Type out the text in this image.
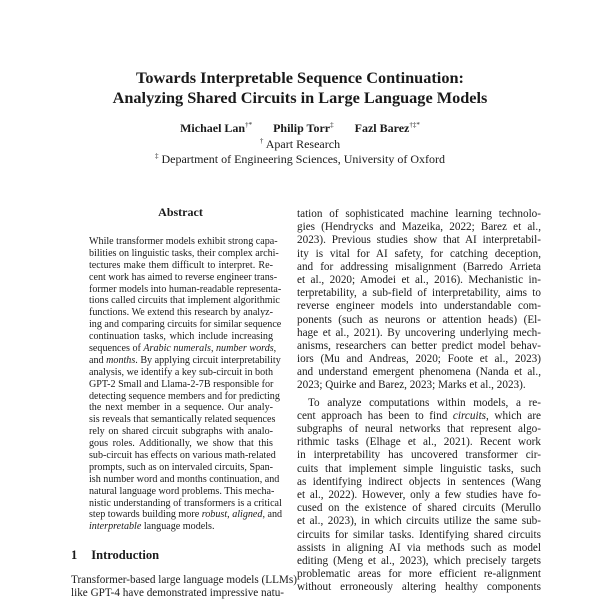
Towards Interpretable Sequence Continuation:
Analyzing Shared Circuits in Large Language Models
Michael Lan†* Philip Torr‡ Fazl Barez†‡*
† Apart Research
‡ Department of Engineering Sciences, University of Oxford
Abstract
While transformer models exhibit strong capa-
bilities on linguistic tasks, their complex archi-
tectures make them difficult to interpret. Re-
cent work has aimed to reverse engineer trans-
former models into human-readable representa-
tions called circuits that implement algorithmic
functions. We extend this research by analyz-
ing and comparing circuits for similar sequence
continuation tasks, which include increasing
sequences of Arabic numerals, number words,
and months. By applying circuit interpretability
analysis, we identify a key sub-circuit in both
GPT-2 Small and Llama-2-7B responsible for
detecting sequence members and for predicting
the next member in a sequence. Our analy-
sis reveals that semantically related sequences
rely on shared circuit subgraphs with analo-
gous roles. Additionally, we show that this
sub-circuit has effects on various math-related
prompts, such as on intervaled circuits, Span-
ish number word and months continuation, and
natural language word problems. This mecha-
nistic understanding of transformers is a critical
step towards building more robust, aligned, and
interpretable language models.
1 Introduction
Transformer-based large language models (LLMs)
like GPT-4 have demonstrated impressive natu-
tation of sophisticated machine learning technolo-
gies (Hendrycks and Mazeika, 2022; Barez et al.,
2023). Previous studies show that AI interpretabil-
ity is vital for AI safety, for catching deception,
and for addressing misalignment (Barredo Arrieta
et al., 2020; Amodei et al., 2016). Mechanistic in-
terpretability, a sub-field of interpretability, aims to
reverse engineer models into understandable com-
ponents (such as neurons or attention heads) (El-
hage et al., 2021). By uncovering underlying mech-
anisms, researchers can better predict model behav-
iors (Mu and Andreas, 2020; Foote et al., 2023)
and understand emergent phenomena (Nanda et al.,
2023; Quirke and Barez, 2023; Marks et al., 2023).
To analyze computations within models, a re-
cent approach has been to find circuits, which are
subgraphs of neural networks that represent algo-
rithmic tasks (Elhage et al., 2021). Recent work
in interpretability has uncovered transformer cir-
cuits that implement simple linguistic tasks, such
as identifying indirect objects in sentences (Wang
et al., 2022). However, only a few studies have fo-
cused on the existence of shared circuits (Merullo
et al., 2023), in which circuits utilize the same sub-
circuits for similar tasks. Identifying shared circuits
assists in aligning AI via methods such as model
editing (Meng et al., 2023), which precisely targets
problematic areas for more efficient re-alignment
without erroneously altering healthy components
